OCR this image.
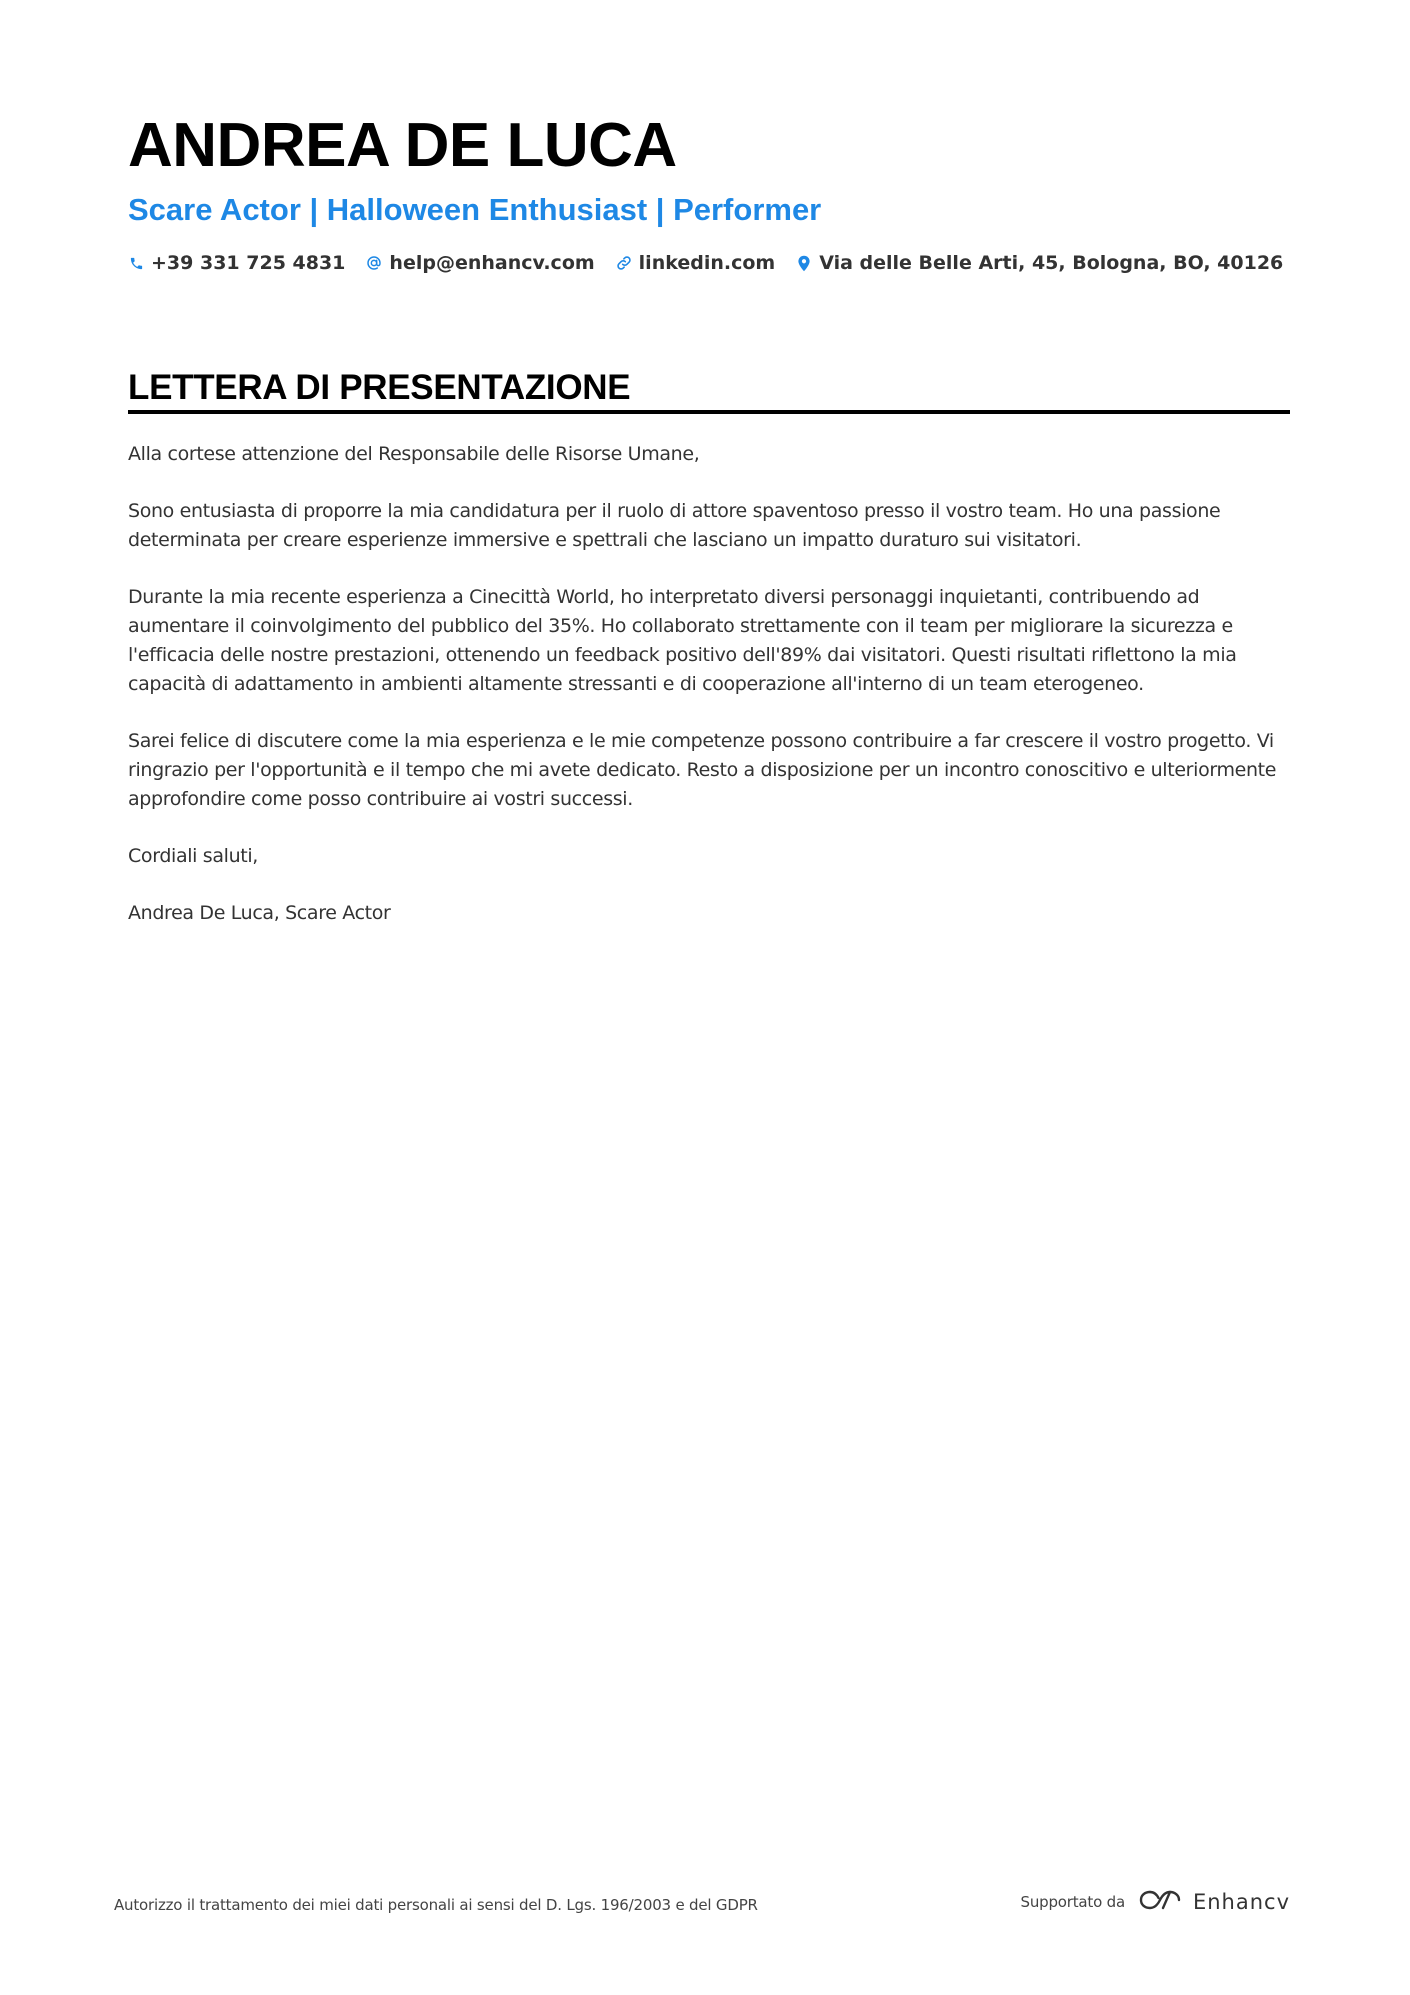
ANDREA DE LUCA
Scare Actor | Halloween Enthusiast | Performer
+39 331 725 4831 help@enhancv.com linkedin.com Via delle Belle Arti, 45, Bologna, BO, 40126
LETTERA DI PRESENTAZIONE

Alla cortese attenzione del Responsabile delle Risorse Umane,

Sono entusiasta di proporre la mia candidatura per il ruolo di attore spaventoso presso il vostro team. Ho una passione determinata per creare esperienze immersive e spettrali che lasciano un impatto duraturo sui visitatori.

Durante la mia recente esperienza a Cinecittà World, ho interpretato diversi personaggi inquietanti, contribuendo ad aumentare il coinvolgimento del pubblico del 35%. Ho collaborato strettamente con il team per migliorare la sicurezza e l'efficacia delle nostre prestazioni, ottenendo un feedback positivo dell'89% dai visitatori. Questi risultati riflettono la mia capacità di adattamento in ambienti altamente stressanti e di cooperazione all'interno di un team eterogeneo.

Sarei felice di discutere come la mia esperienza e le mie competenze possono contribuire a far crescere il vostro progetto. Vi ringrazio per l'opportunità e il tempo che mi avete dedicato. Resto a disposizione per un incontro conoscitivo e ulteriormente approfondire come posso contribuire ai vostri successi.

Cordiali saluti,

Andrea De Luca, Scare Actor

Autorizzo il trattamento dei miei dati personali ai sensi del D. Lgs. 196/2003 e del GDPR	Supportato da	Enhancv
